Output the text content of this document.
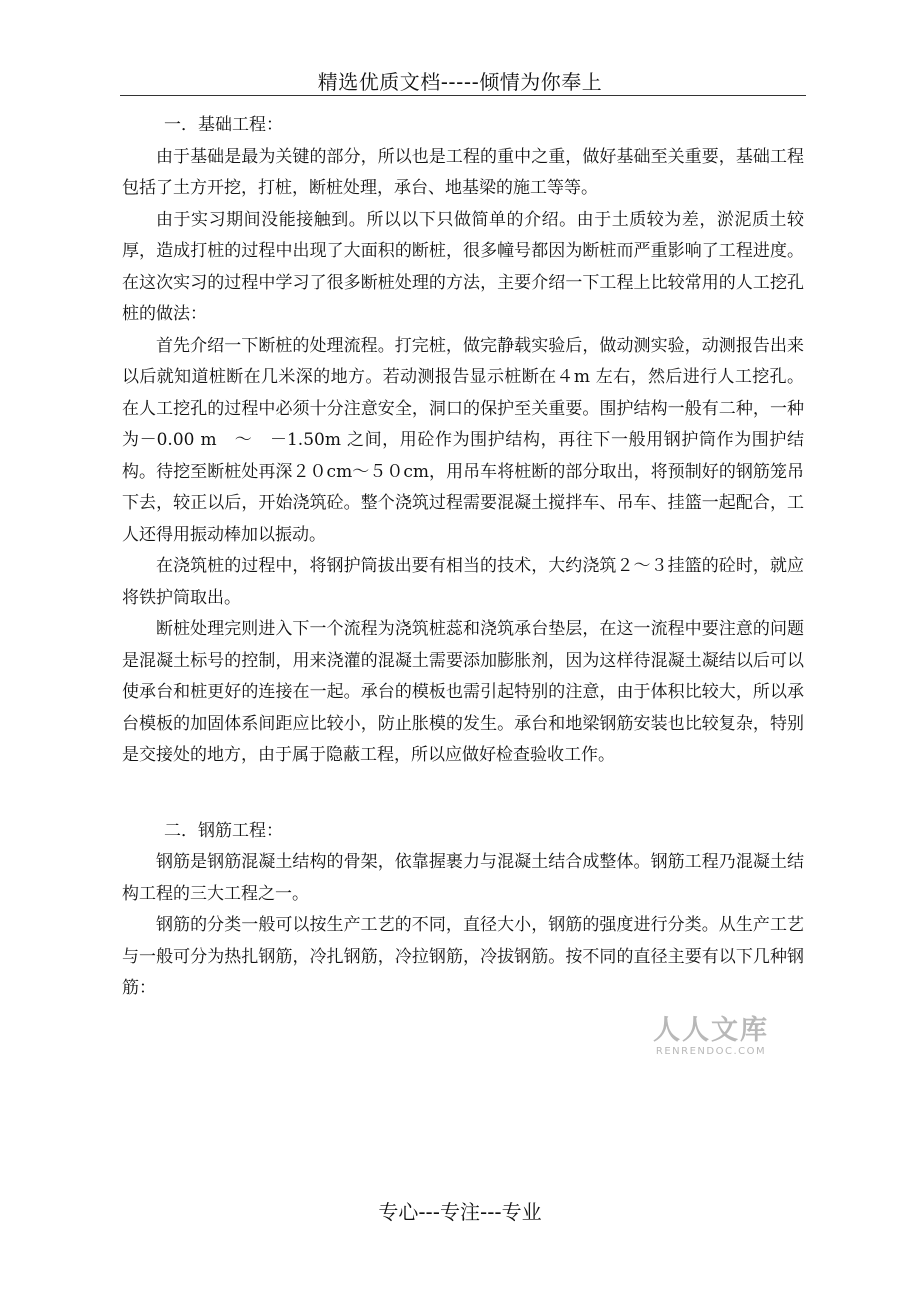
精选优质文档-----倾情为你奉上

一．基础工程：

由于基础是最为关键的部分，所以也是工程的重中之重，做好基础至关重要，基础工程包括了土方开挖，打桩，断桩处理，承台、地基梁的施工等等。

由于实习期间没能接触到。所以以下只做简单的介绍。由于土质较为差，淤泥质土较厚，造成打桩的过程中出现了大面积的断桩，很多幢号都因为断桩而严重影响了工程进度。在这次实习的过程中学习了很多断桩处理的方法，主要介绍一下工程上比较常用的人工挖孔桩的做法：

首先介绍一下断桩的处理流程。打完桩，做完静载实验后，做动测实验，动测报告出来以后就知道桩断在几米深的地方。若动测报告显示桩断在４m 左右，然后进行人工挖孔。在人工挖孔的过程中必须十分注意安全，洞口的保护至关重要。围护结构一般有二种，一种为－0.00 m　～　－1.50m 之间，用砼作为围护结构，再往下一般用钢护筒作为围护结构。待挖至断桩处再深２０cm～５０cm，用吊车将桩断的部分取出，将预制好的钢筋笼吊下去，较正以后，开始浇筑砼。整个浇筑过程需要混凝土搅拌车、吊车、挂篮一起配合，工人还得用振动棒加以振动。

在浇筑桩的过程中，将钢护筒拔出要有相当的技术，大约浇筑２～３挂篮的砼时，就应将铁护筒取出。

断桩处理完则进入下一个流程为浇筑桩蕊和浇筑承台垫层，在这一流程中要注意的问题是混凝土标号的控制，用来浇灌的混凝土需要添加膨胀剂，因为这样待混凝土凝结以后可以使承台和桩更好的连接在一起。承台的模板也需引起特别的注意，由于体积比较大，所以承台模板的加固体系间距应比较小，防止胀模的发生。承台和地梁钢筋安装也比较复杂，特别是交接处的地方，由于属于隐蔽工程，所以应做好检查验收工作。

二．钢筋工程：

钢筋是钢筋混凝土结构的骨架，依靠握裹力与混凝土结合成整体。钢筋工程乃混凝土结构工程的三大工程之一。

钢筋的分类一般可以按生产工艺的不同，直径大小，钢筋的强度进行分类。从生产工艺与一般可分为热扎钢筋，冷扎钢筋，冷拉钢筋，冷拔钢筋。按不同的直径主要有以下几种钢筋：

人人文库
RENRENDOC.COM
专心---专注---专业
